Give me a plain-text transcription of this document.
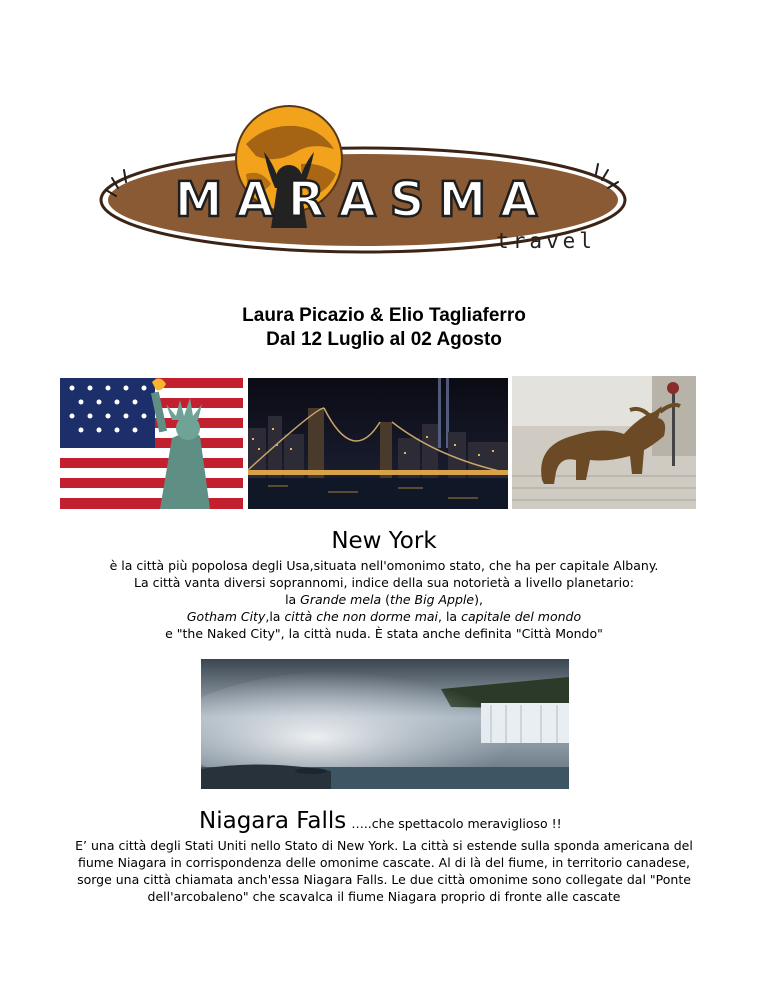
MARASMA
travel
Laura Picazio & Elio Tagliaferro
Dal 12 Luglio al 02 Agosto
New York
è la città più popolosa degli Usa,situata nell'omonimo stato, che ha per capitale Albany.
La città vanta diversi soprannomi, indice della sua notorietà a livello planetario:
la Grande mela (the Big Apple),
Gotham City,la città che non dorme mai, la capitale del mondo
e "the Naked City", la città nuda. È stata anche definita "Città Mondo"
Niagara Falls …..che spettacolo meraviglioso !!
E’ una città degli Stati Uniti nello Stato di New York. La città si estende sulla sponda americana del
fiume Niagara in corrispondenza delle omonime cascate. Al di là del fiume, in territorio canadese,
sorge una città chiamata anch'essa Niagara Falls. Le due città omonime sono collegate dal "Ponte
dell'arcobaleno" che scavalca il fiume Niagara proprio di fronte alle cascate
